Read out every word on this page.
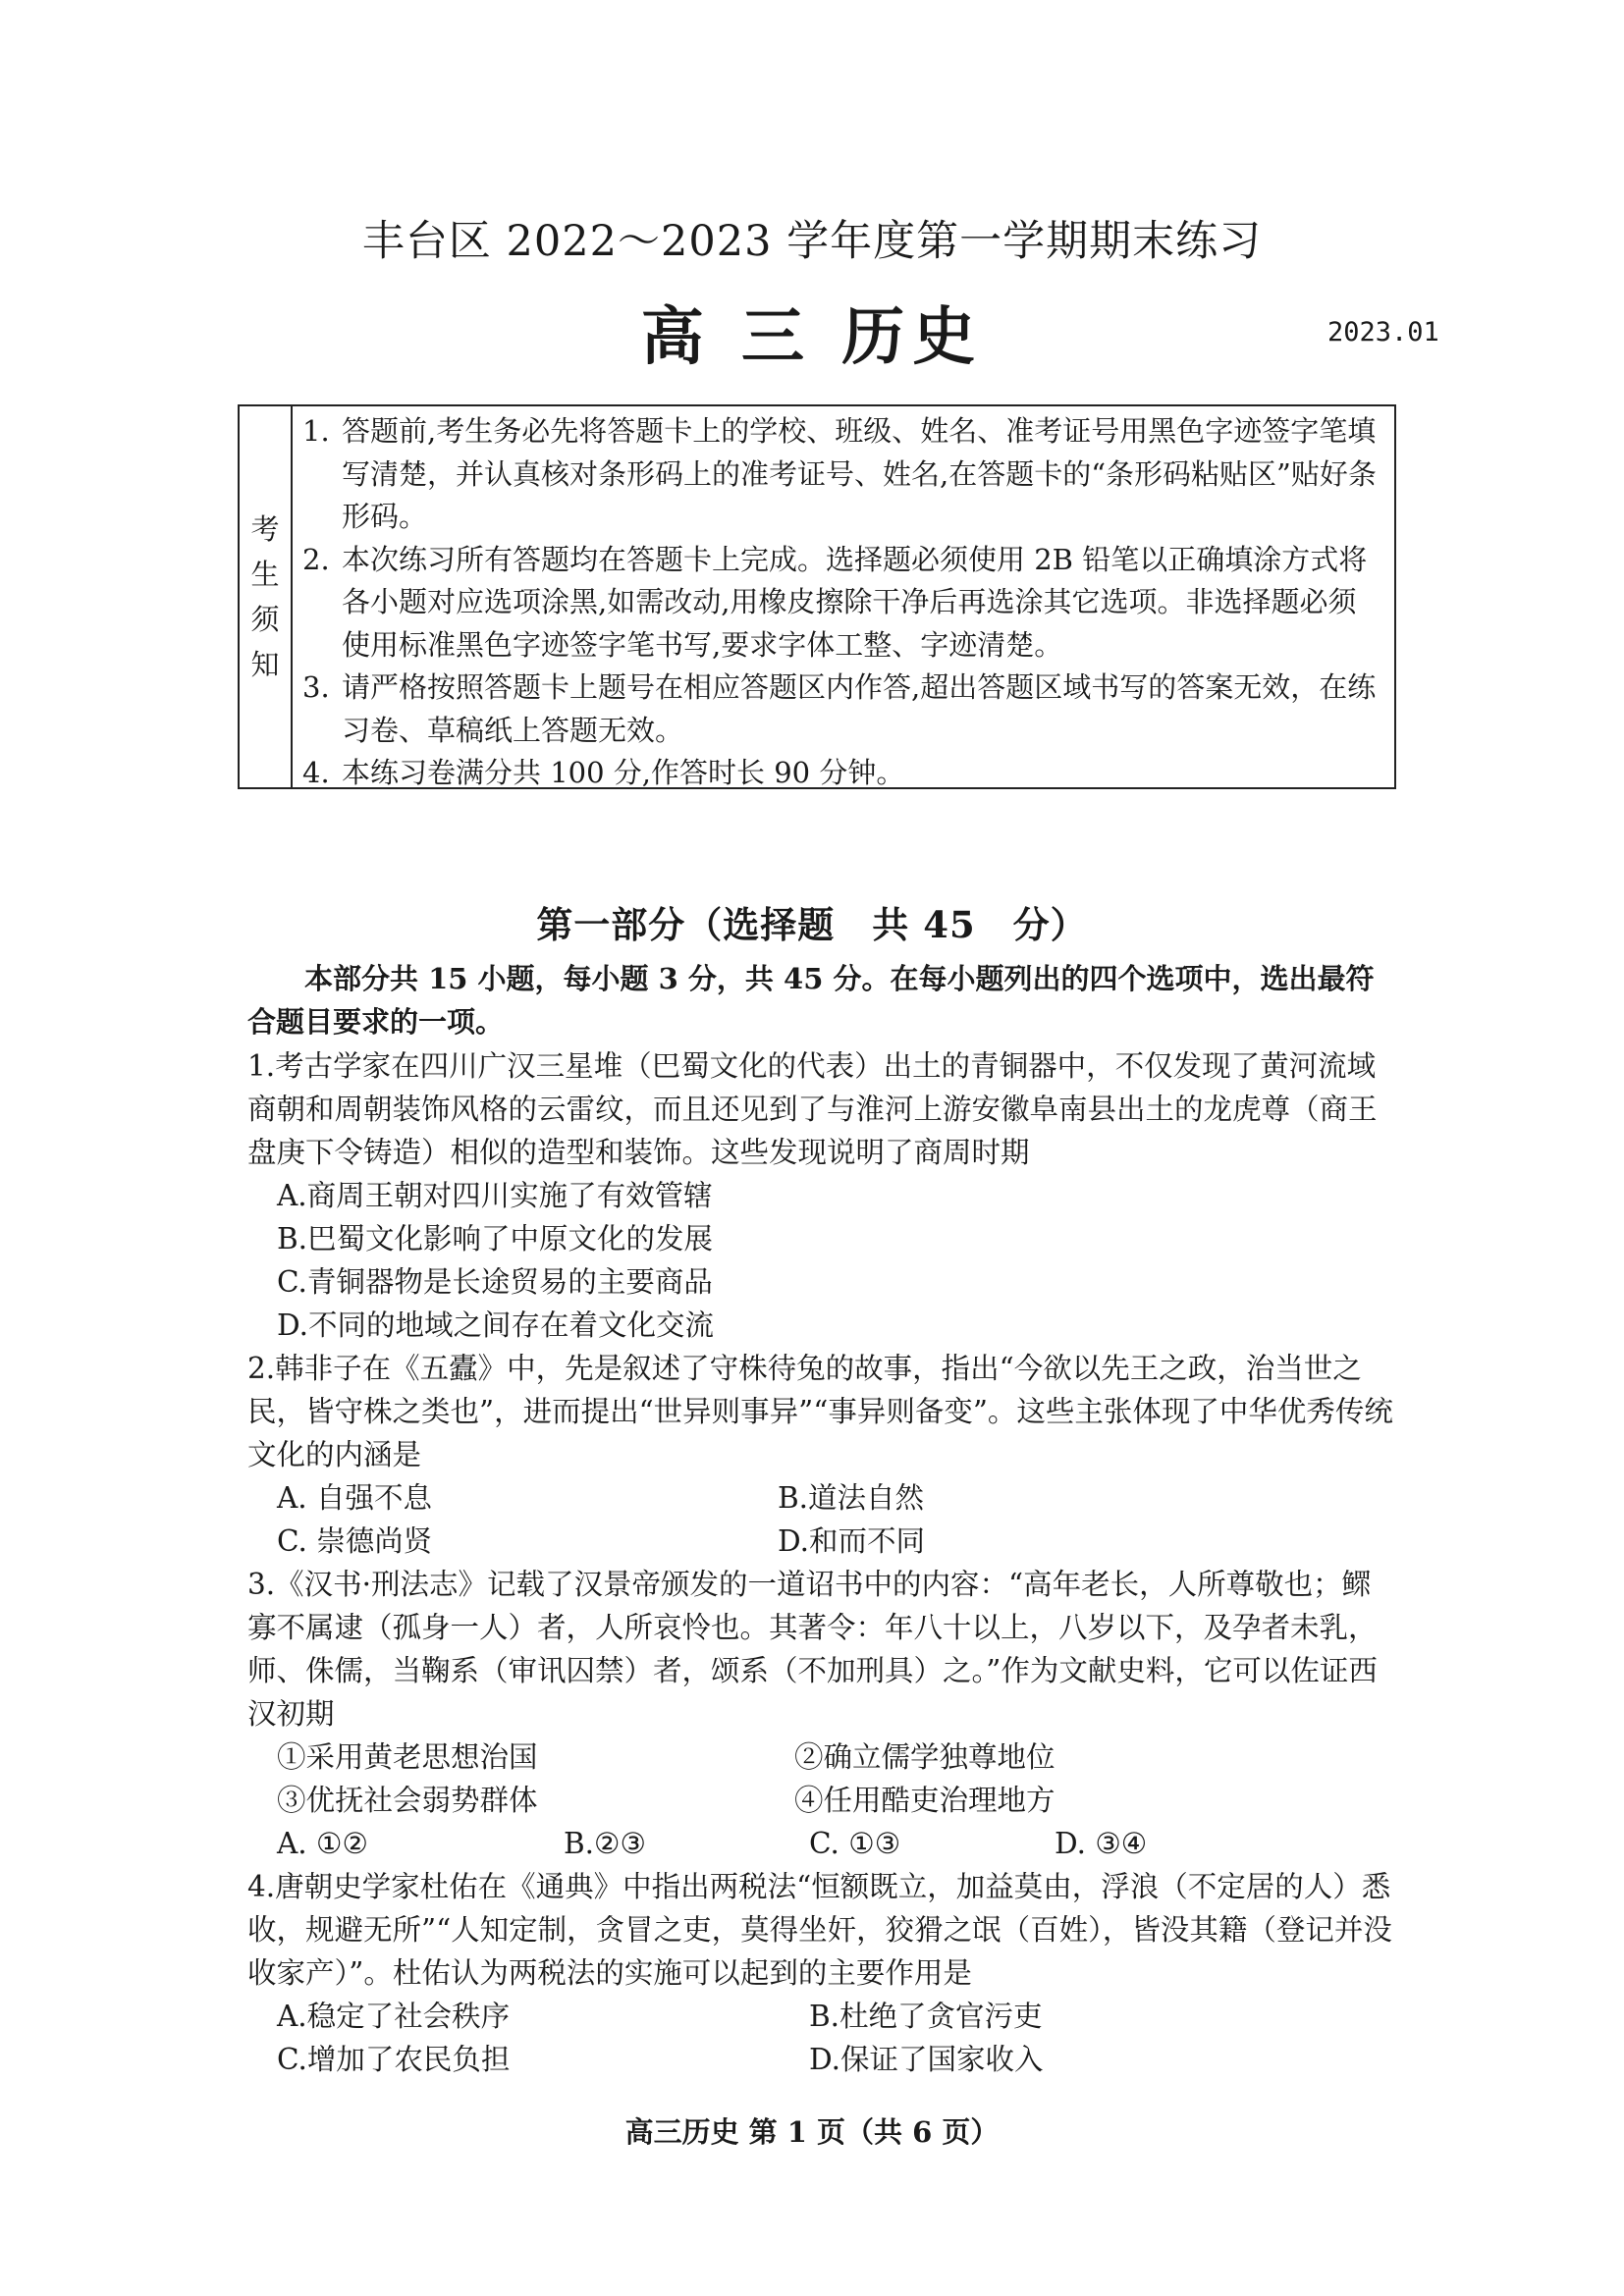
丰台区 2022～2023 学年度第一学期期末练习
高 三 历史	2023.01
考生须知
1. 答题前,考生务必先将答题卡上的学校、班级、姓名、准考证号用黑色字迹签字笔填写清楚，并认真核对条形码上的准考证号、姓名,在答题卡的“条形码粘贴区”贴好条形码。
2. 本次练习所有答题均在答题卡上完成。选择题必须使用 2B 铅笔以正确填涂方式将各小题对应选项涂黑,如需改动,用橡皮擦除干净后再选涂其它选项。非选择题必须使用标准黑色字迹签字笔书写,要求字体工整、字迹清楚。
3. 请严格按照答题卡上题号在相应答题区内作答,超出答题区域书写的答案无效，在练习卷、草稿纸上答题无效。
4. 本练习卷满分共 100 分,作答时长 90 分钟。
第一部分（选择题　共 45　分）
本部分共 15 小题，每小题 3 分，共 45 分。在每小题列出的四个选项中，选出最符合题目要求的一项。
1.考古学家在四川广汉三星堆（巴蜀文化的代表）出土的青铜器中，不仅发现了黄河流域商朝和周朝装饰风格的云雷纹，而且还见到了与淮河上游安徽阜南县出土的龙虎尊（商王盘庚下令铸造）相似的造型和装饰。这些发现说明了商周时期
A.商周王朝对四川实施了有效管辖
B.巴蜀文化影响了中原文化的发展
C.青铜器物是长途贸易的主要商品
D.不同的地域之间存在着文化交流
2.韩非子在《五蠹》中，先是叙述了守株待兔的故事，指出“今欲以先王之政，治当世之民，皆守株之类也”，进而提出“世异则事异”“事异则备变”。这些主张体现了中华优秀传统文化的内涵是
A. 自强不息	B.道法自然
C. 崇德尚贤	D.和而不同
3.《汉书·刑法志》记载了汉景帝颁发的一道诏书中的内容：“高年老长，人所尊敬也；鳏寡不属逮（孤身一人）者，人所哀怜也。其著令：年八十以上，八岁以下，及孕者未乳，师、侏儒，当鞠系（审讯囚禁）者，颂系（不加刑具）之。”作为文献史料，它可以佐证西汉初期
①采用黄老思想治国	②确立儒学独尊地位
③优抚社会弱势群体	④任用酷吏治理地方
A. ①②	B.②③	C. ①③	D. ③④
4.唐朝史学家杜佑在《通典》中指出两税法“恒额既立，加益莫由，浮浪（不定居的人）悉收，规避无所”“人知定制，贪冒之吏，莫得坐奸，狡猾之氓（百姓），皆没其籍（登记并没收家产）”。杜佑认为两税法的实施可以起到的主要作用是
A.稳定了社会秩序	B.杜绝了贪官污吏
C.增加了农民负担	D.保证了国家收入
高三历史 第 1 页（共 6 页）
